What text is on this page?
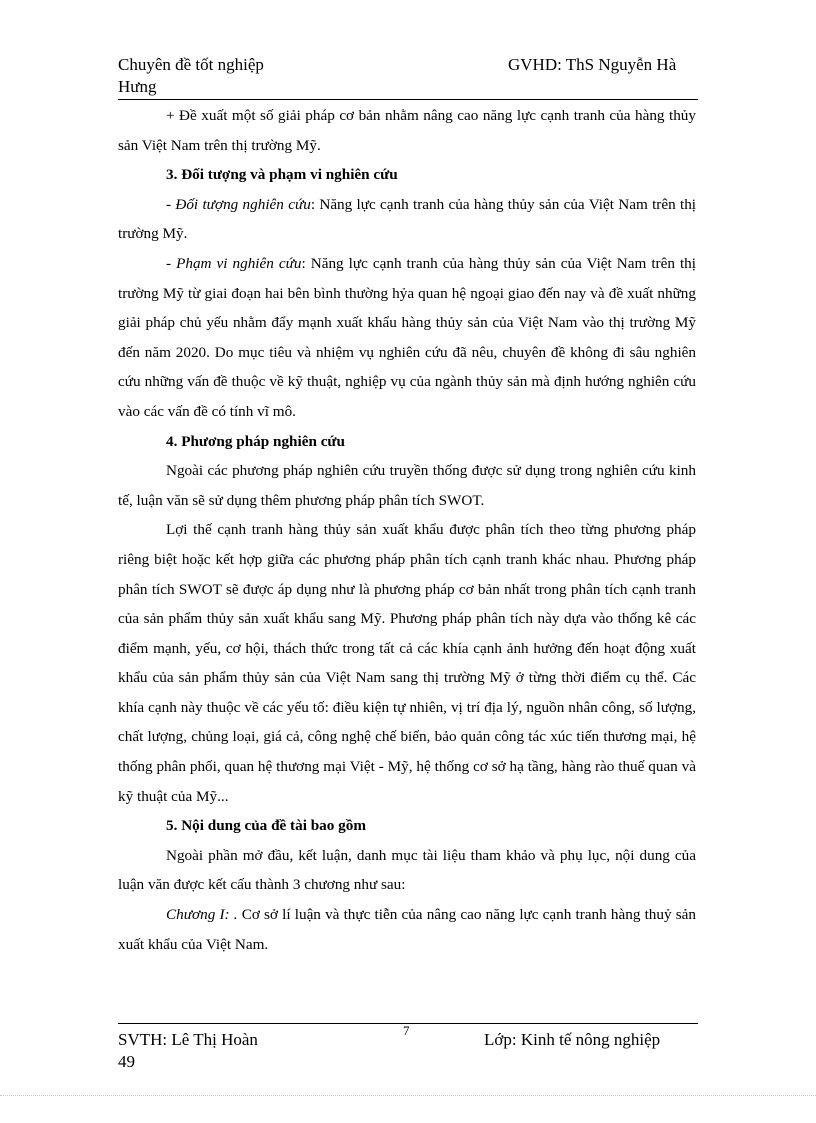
Chuyên đề tốt nghiệp
Hưng
GVHD: ThS Nguyễn Hà

+ Đề xuất một số giải pháp cơ bản nhằm nâng cao năng lực cạnh tranh của hàng thủy sản Việt Nam trên thị trường Mỹ.

3. Đối tượng và phạm vi nghiên cứu

- Đối tượng nghiên cứu: Năng lực cạnh tranh của hàng thủy sản của Việt Nam trên thị trường Mỹ.

- Phạm vi nghiên cứu: Năng lực cạnh tranh của hàng thủy sản của Việt Nam trên thị trường Mỹ từ giai đoạn hai bên bình thường hỷa quan hệ ngoại giao đến nay và đề xuất những giải pháp chủ yếu nhằm đẩy mạnh xuất khẩu hàng thủy sản của Việt Nam vào thị trường Mỹ đến năm 2020. Do mục tiêu và nhiệm vụ nghiên cứu đã nêu, chuyên đề không đi sâu nghiên cứu những vấn đề thuộc về kỹ thuật, nghiệp vụ của ngành thủy sản mà định hướng nghiên cứu vào các vấn đề có tính vĩ mô.

4. Phương pháp nghiên cứu

Ngoài các phương pháp nghiên cứu truyền thống được sử dụng trong nghiên cứu kinh tế, luận văn sẽ sử dụng thêm phương pháp phân tích SWOT.

Lợi thế cạnh tranh hàng thủy sản xuất khẩu được phân tích theo từng phương pháp riêng biệt hoặc kết hợp giữa các phương pháp phân tích cạnh tranh khác nhau. Phương pháp phân tích SWOT sẽ được áp dụng như là phương pháp cơ bản nhất trong phân tích cạnh tranh của sản phẩm thủy sản xuất khẩu sang Mỹ. Phương pháp phân tích này dựa vào thống kê các điểm mạnh, yếu, cơ hội, thách thức trong tất cả các khía cạnh ảnh hưởng đến hoạt động xuất khẩu của sản phẩm thủy sản của Việt Nam sang thị trường Mỹ ở từng thời điểm cụ thể. Các khía cạnh này thuộc về các yếu tố: điều kiện tự nhiên, vị trí địa lý, nguồn nhân công, số lượng, chất lượng, chủng loại, giá cả, công nghệ chế biến, bảo quản công tác xúc tiến thương mại, hệ thống phân phối, quan hệ thương mại Việt - Mỹ, hệ thống cơ sở hạ tầng, hàng rào thuế quan và kỹ thuật của Mỹ...

5. Nội dung của đề tài bao gồm

Ngoài phần mở đầu, kết luận, danh mục tài liệu tham khảo và phụ lục, nội dung của luận văn được kết cấu thành 3 chương như sau:

Chương I: . Cơ sở lí luận và thực tiễn của nâng cao năng lực cạnh tranh hàng thuỷ sản xuất khẩu của Việt Nam.

7
SVTH: Lê Thị Hoàn
49
Lớp: Kinh tế nông nghiệp
